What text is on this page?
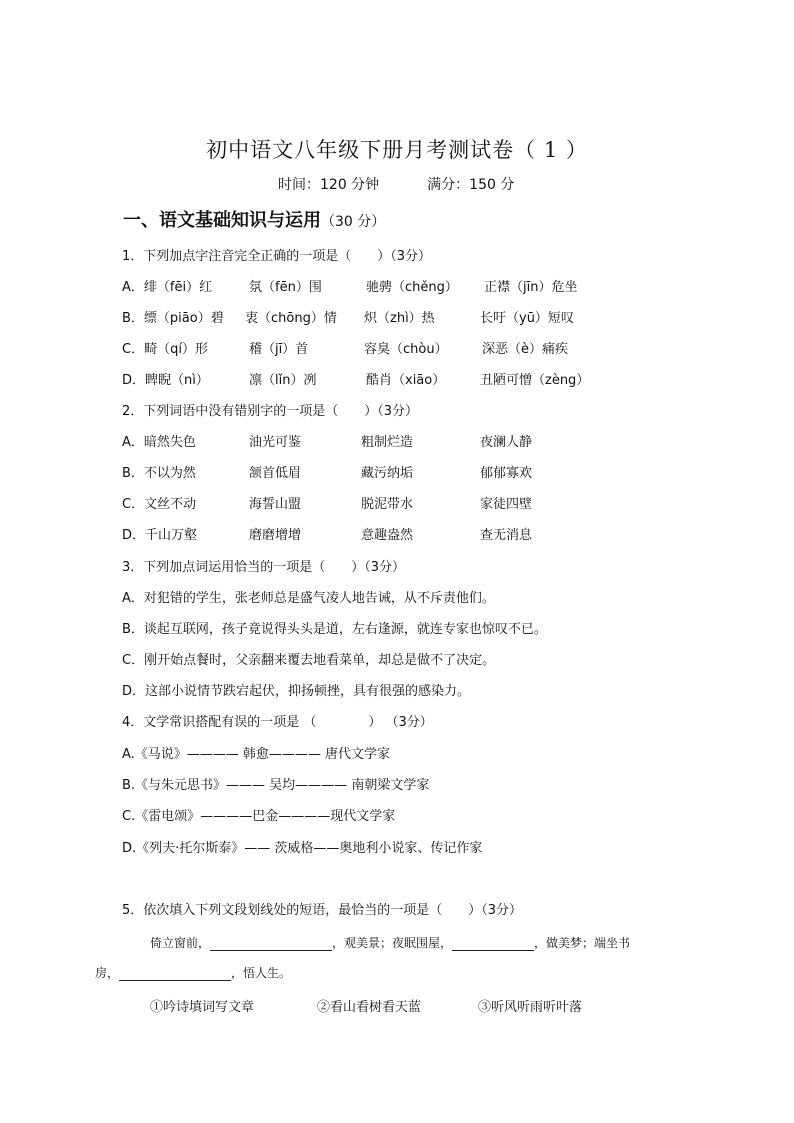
初中语文八年级下册月考测试卷（ 1 ）
时间：120 分钟	满分：150 分
一、语文基础知识与运用（30 分）
1．下列加点字注音完全正确的一项是（　　）（3分）
A．绯（fēi）红	氛（fēn）围	驰骋（chěng） 正襟（jīn）危坐
B．缥（piāo）碧 衷（chōng）情 炽（zhì）热	长吁（yū）短叹
C．畸（qí）形	稽（jī）首	容臭（chòu）	深恶（è）痛疾
D．睥睨（nì）	凛（lǐn）冽	酷肖（xiāo）	丑陋可憎（zèng）
2．下列词语中没有错别字的一项是（　　）（3分）
A．暗然失色	油光可鉴	粗制烂造	夜澜人静
B．不以为然	颔首低眉	藏污纳垢	郁郁寡欢
C．文丝不动	海誓山盟	脱泥带水	家徒四壁
D．千山万壑	磨磨增增	意趣盎然	查无消息
3．下列加点词运用恰当的一项是（　　）（3分）
A．对犯错的学生，张老师总是盛气凌人地告诫，从不斥责他们。
B．谈起互联网，孩子竟说得头头是道，左右逢源，就连专家也惊叹不已。
C．刚开始点餐时，父亲翻来覆去地看菜单，却总是做不了决定。
D．这部小说情节跌宕起伏，抑扬顿挫，具有很强的感染力。
4．文学常识搭配有误的一项是 （　　　　） （3分）
A.《马说》———— 韩愈———— 唐代文学家
B.《与朱元思书》——— 吴均———— 南朝梁文学家
C.《雷电颂》————巴金————现代文学家
D.《列夫·托尔斯泰》—— 茨威格——奥地利小说家、传记作家
5．依次填入下列文段划线处的短语，最恰当的一项是（　　）（3分）
倚立窗前，	，观美景；夜眠围屋，	，做美梦；端坐书
房，	，悟人生。
①吟诗填词写文章	②看山看树看天蓝	③听风听雨听叶落
